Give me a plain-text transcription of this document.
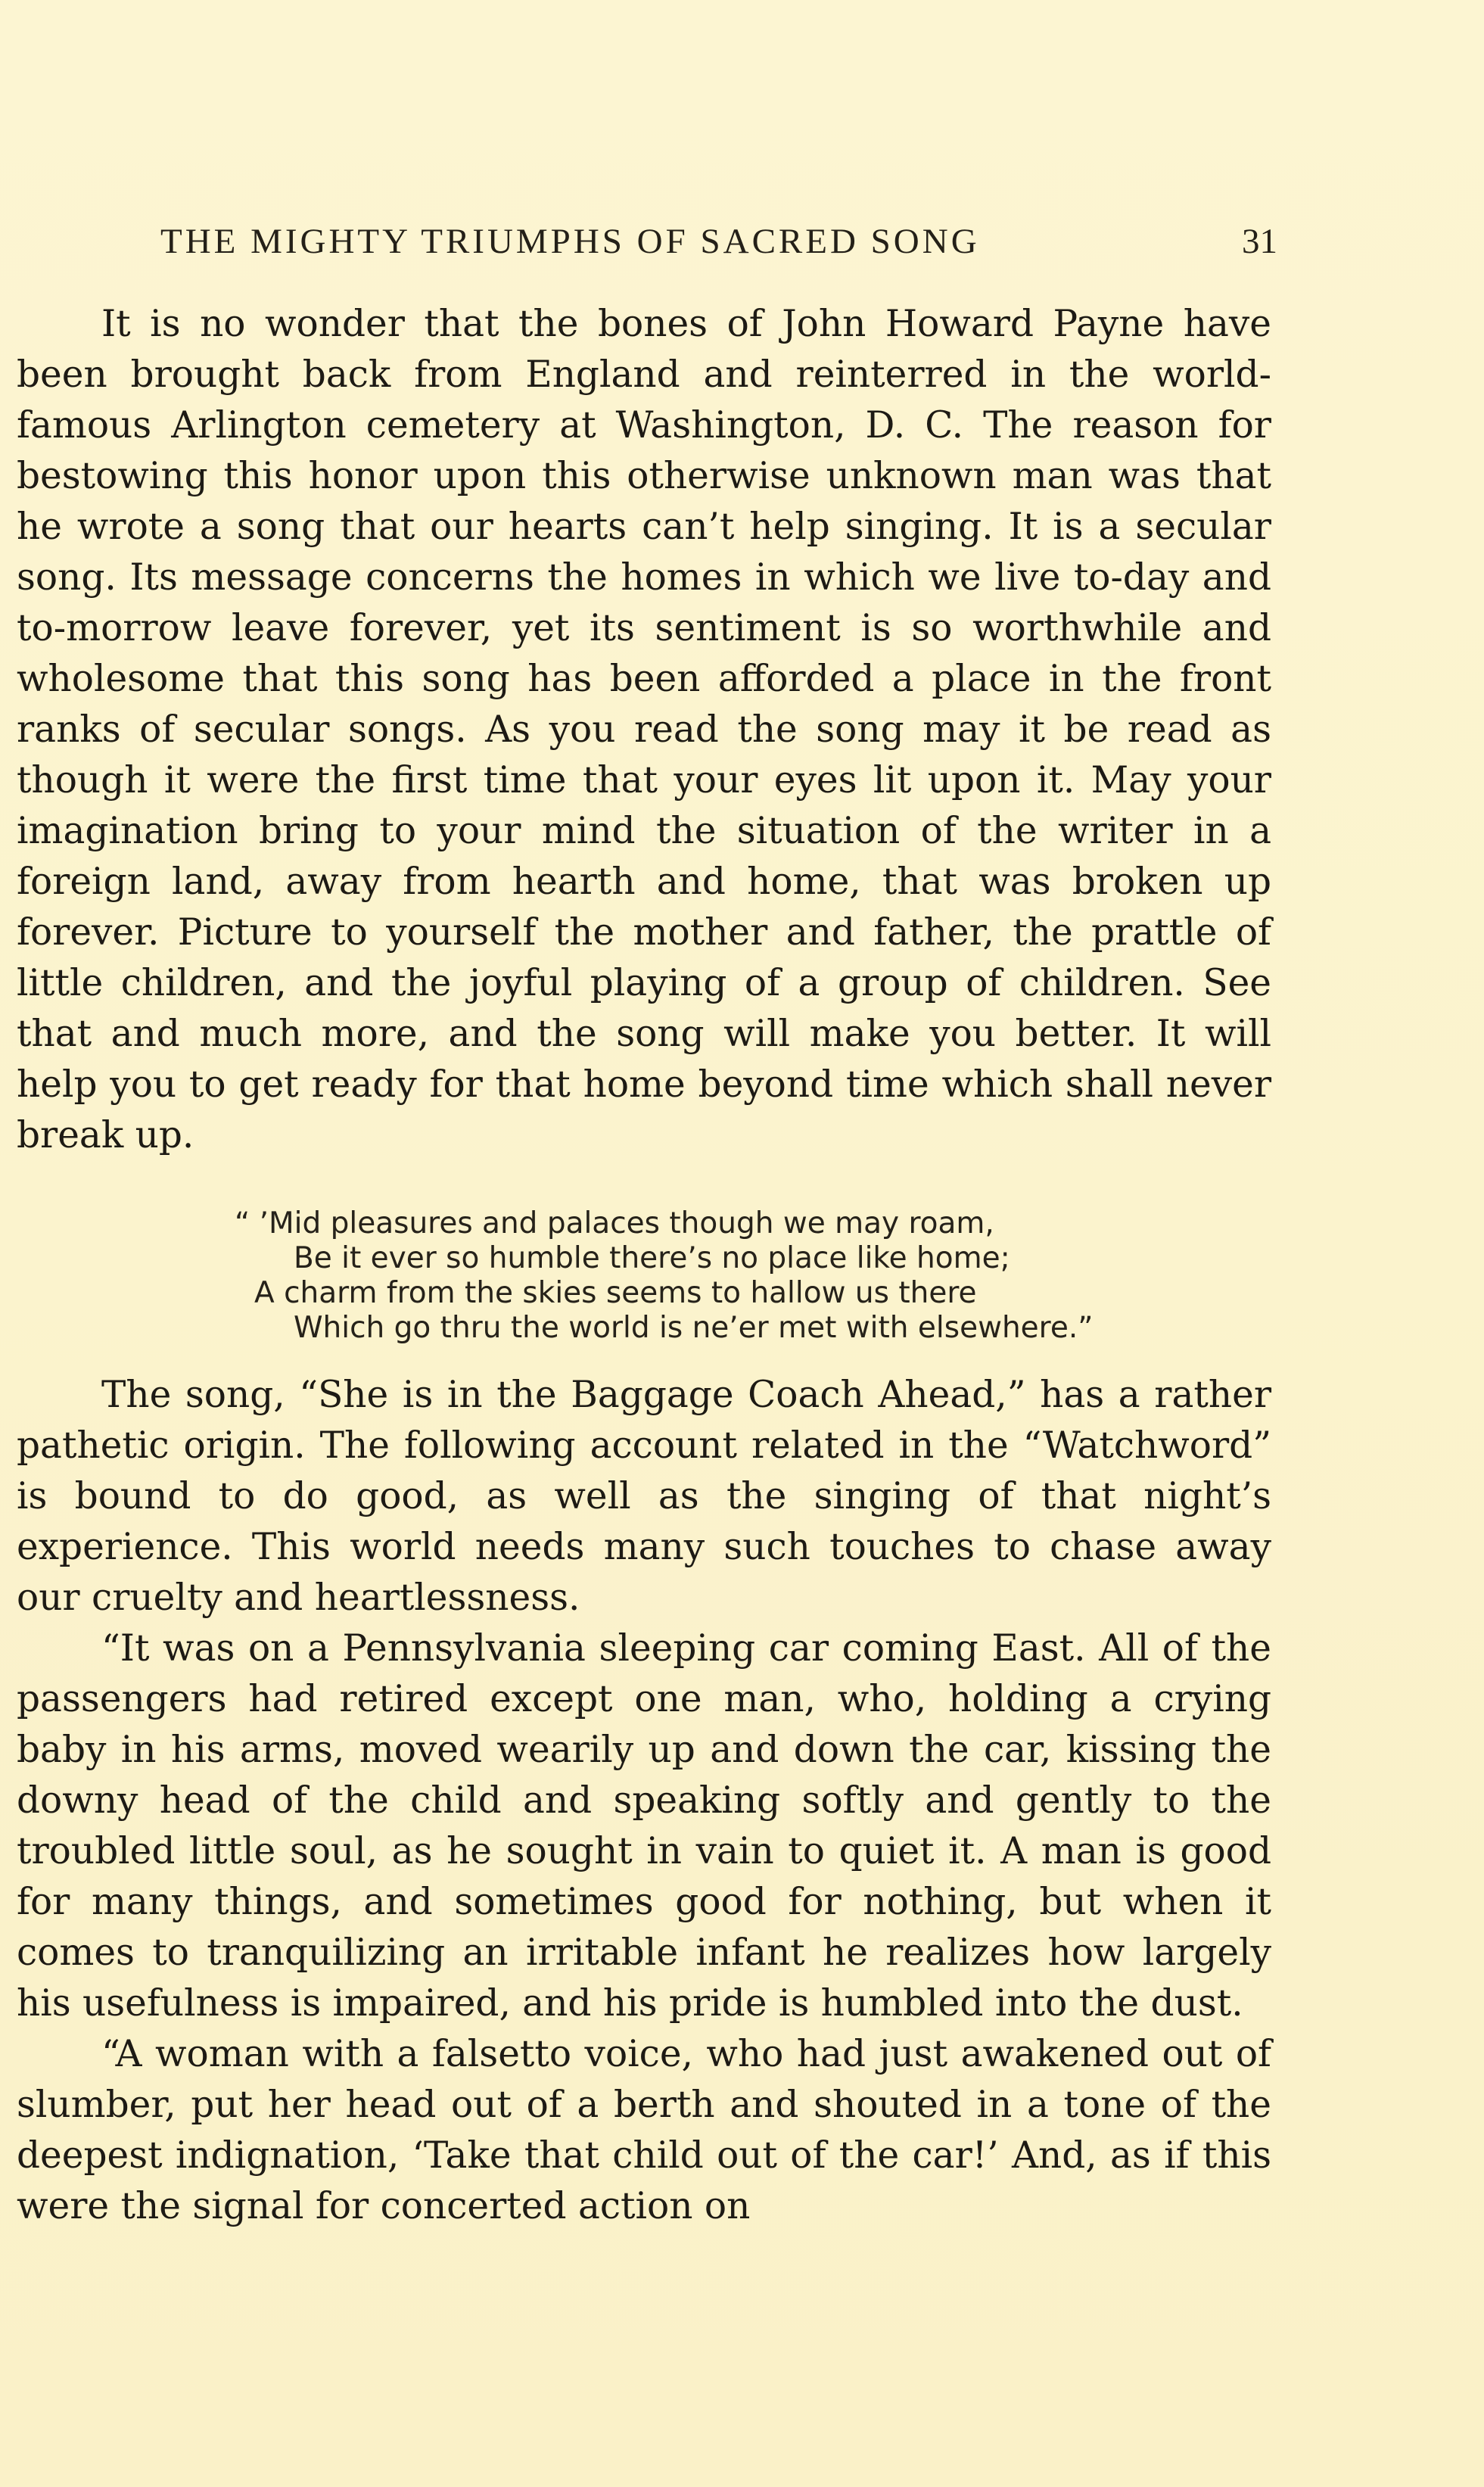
THE MIGHTY TRIUMPHS OF SACRED SONG	31

It is no wonder that the bones of John Howard Payne have been brought back from England and reinterred in the world-famous Arlington cemetery at Washington, D. C. The reason for bestowing this honor upon this otherwise unknown man was that he wrote a song that our hearts can’t help singing. It is a secular song. Its message concerns the homes in which we live to-day and to-morrow leave forever, yet its sentiment is so worthwhile and wholesome that this song has been afforded a place in the front ranks of secular songs. As you read the song may it be read as though it were the first time that your eyes lit upon it. May your imagination bring to your mind the situation of the writer in a foreign land, away from hearth and home, that was broken up forever. Picture to yourself the mother and father, the prattle of little children, and the joyful playing of a group of children. See that and much more, and the song will make you better. It will help you to get ready for that home beyond time which shall never break up.

“ ’Mid pleasures and palaces though we may roam,
Be it ever so humble there’s no place like home;
A charm from the skies seems to hallow us there
Which go thru the world is ne’er met with elsewhere.”

The song, “She is in the Baggage Coach Ahead,” has a rather pathetic origin. The following account related in the “Watchword” is bound to do good, as well as the singing of that night’s experience. This world needs many such touches to chase away our cruelty and heartlessness.

“It was on a Pennsylvania sleeping car coming East. All of the passengers had retired except one man, who, holding a crying baby in his arms, moved wearily up and down the car, kissing the downy head of the child and speaking softly and gently to the troubled little soul, as he sought in vain to quiet it. A man is good for many things, and sometimes good for nothing, but when it comes to tranquilizing an irritable infant he realizes how largely his usefulness is impaired, and his pride is humbled into the dust.

“A woman with a falsetto voice, who had just awakened out of slumber, put her head out of a berth and shouted in a tone of the deepest indignation, ‘Take that child out of the car!’ And, as if this were the signal for concerted action on
